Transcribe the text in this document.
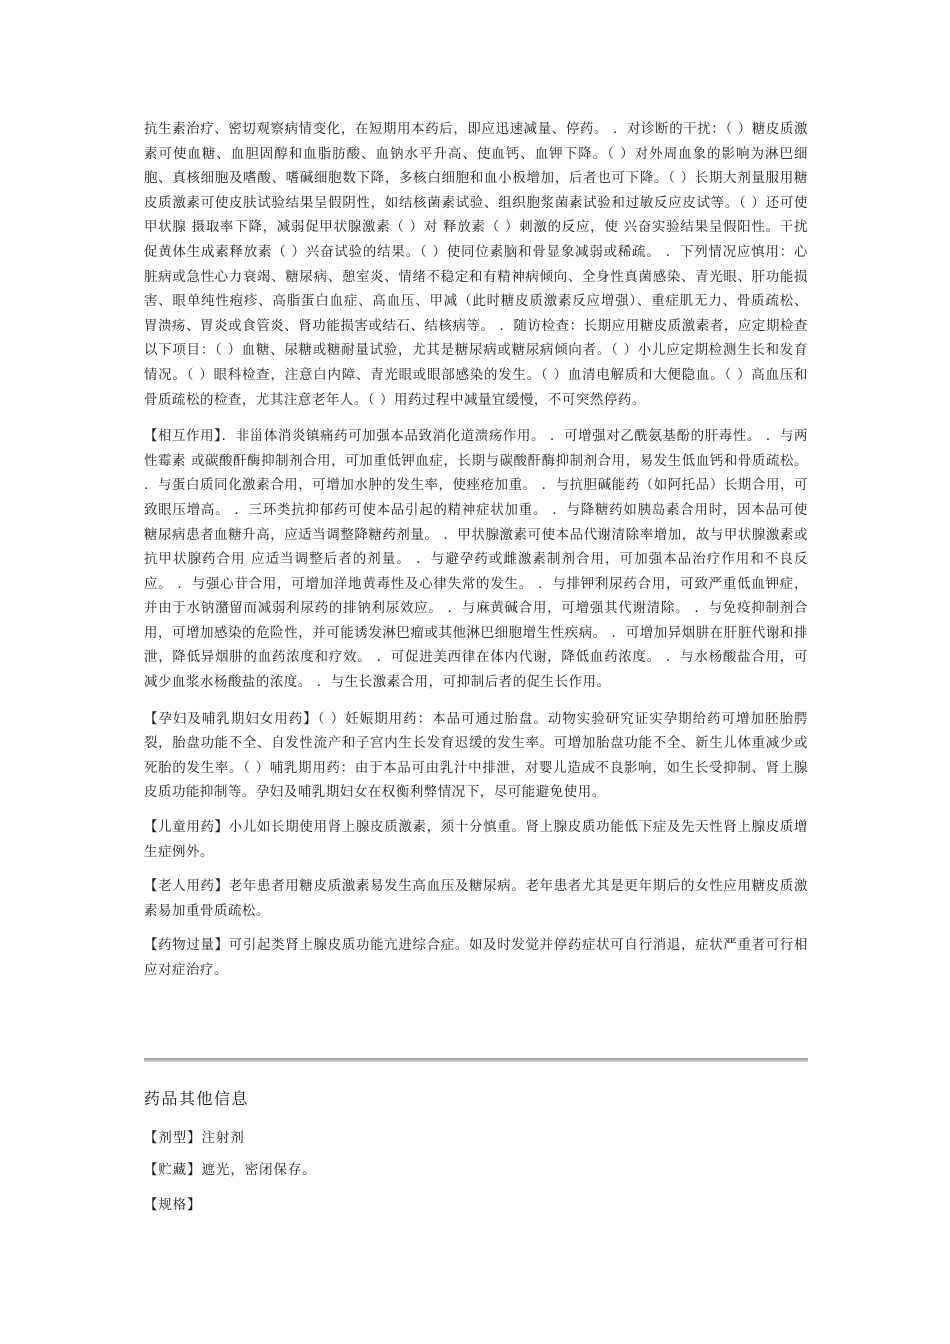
抗生素治疗、密切观察病情变化，在短期用本药后，即应迅速减量、停药。 ．对诊断的干扰：（ ）糖皮质激素可使血糖、血胆固醇和血脂肪酸、血钠水平升高、使血钙、血钾下降。（ ）对外周血象的影响为淋巴细胞、真核细胞及嗜酸、嗜碱细胞数下降，多核白细胞和血小板增加，后者也可下降。（ ）长期大剂量服用糖皮质激素可使皮肤试验结果呈假阴性，如结核菌素试验、组织胞浆菌素试验和过敏反应皮试等。（ ）还可使甲状腺 摄取率下降，减弱促甲状腺激素（ ）对 释放素（ ）刺激的反应，使 兴奋实验结果呈假阳性。干扰促黄体生成素释放素（ ）兴奋试验的结果。（ ）使同位素脑和骨显象减弱或稀疏。 ．下列情况应慎用：心脏病或急性心力衰竭、糖尿病、憩室炎、情绪不稳定和有精神病倾向、全身性真菌感染、青光眼、肝功能损害、眼单纯性疱疹、高脂蛋白血症、高血压、甲减（此时糖皮质激素反应增强）、重症肌无力、骨质疏松、胃溃疡、胃炎或食管炎、肾功能损害或结石、结核病等。 ．随访检查：长期应用糖皮质激素者，应定期检查以下项目：（ ）血糖、尿糖或糖耐量试验，尤其是糖尿病或糖尿病倾向者。（ ）小儿应定期检测生长和发育情况。（ ）眼科检查，注意白内障、青光眼或眼部感染的发生。（ ）血清电解质和大便隐血。（ ）高血压和骨质疏松的检查，尤其注意老年人。（ ）用药过程中减量宜缓慢，不可突然停药。

【相互作用】．非甾体消炎镇痛药可加强本品致消化道溃疡作用。 ．可增强对乙酰氨基酚的肝毒性。 ．与两性霉素 或碳酸酐酶抑制剂合用，可加重低钾血症，长期与碳酸酐酶抑制剂合用，易发生低血钙和骨质疏松。 ．与蛋白质同化激素合用，可增加水肿的发生率，使痤疮加重。 ．与抗胆碱能药（如阿托品）长期合用，可致眼压增高。 ．三环类抗抑郁药可使本品引起的精神症状加重。 ．与降糖药如胰岛素合用时，因本品可使糖尿病患者血糖升高，应适当调整降糖药剂量。 ．甲状腺激素可使本品代谢清除率增加，故与甲状腺激素或抗甲状腺药合用 应适当调整后者的剂量。 ．与避孕药或雌激素制剂合用，可加强本品治疗作用和不良反应。 ．与强心苷合用，可增加洋地黄毒性及心律失常的发生。 ．与排钾利尿药合用，可致严重低血钾症，并由于水钠潴留而减弱利尿药的排钠利尿效应。 ．与麻黄碱合用，可增强其代谢清除。 ．与免疫抑制剂合用，可增加感染的危险性，并可能诱发淋巴瘤或其他淋巴细胞增生性疾病。 ．可增加异烟肼在肝脏代谢和排泄，降低异烟肼的血药浓度和疗效。 ．可促进美西律在体内代谢，降低血药浓度。 ．与水杨酸盐合用，可减少血浆水杨酸盐的浓度。 ．与生长激素合用，可抑制后者的促生长作用。

【孕妇及哺乳期妇女用药】（ ）妊娠期用药：本品可通过胎盘。动物实验研究证实孕期给药可增加胚胎腭裂，胎盘功能不全、自发性流产和子宫内生长发育迟缓的发生率。可增加胎盘功能不全、新生儿体重减少或死胎的发生率。（ ）哺乳期用药：由于本品可由乳汁中排泄，对婴儿造成不良影响，如生长受抑制、肾上腺皮质功能抑制等。孕妇及哺乳期妇女在权衡利弊情况下，尽可能避免使用。

【儿童用药】小儿如长期使用肾上腺皮质激素，须十分慎重。肾上腺皮质功能低下症及先天性肾上腺皮质增生症例外。

【老人用药】老年患者用糖皮质激素易发生高血压及糖尿病。老年患者尤其是更年期后的女性应用糖皮质激素易加重骨质疏松。

【药物过量】可引起类肾上腺皮质功能亢进综合症。如及时发觉并停药症状可自行消退，症状严重者可行相应对症治疗。

药品其他信息

【剂型】注射剂

【贮藏】遮光，密闭保存。

【规格】
